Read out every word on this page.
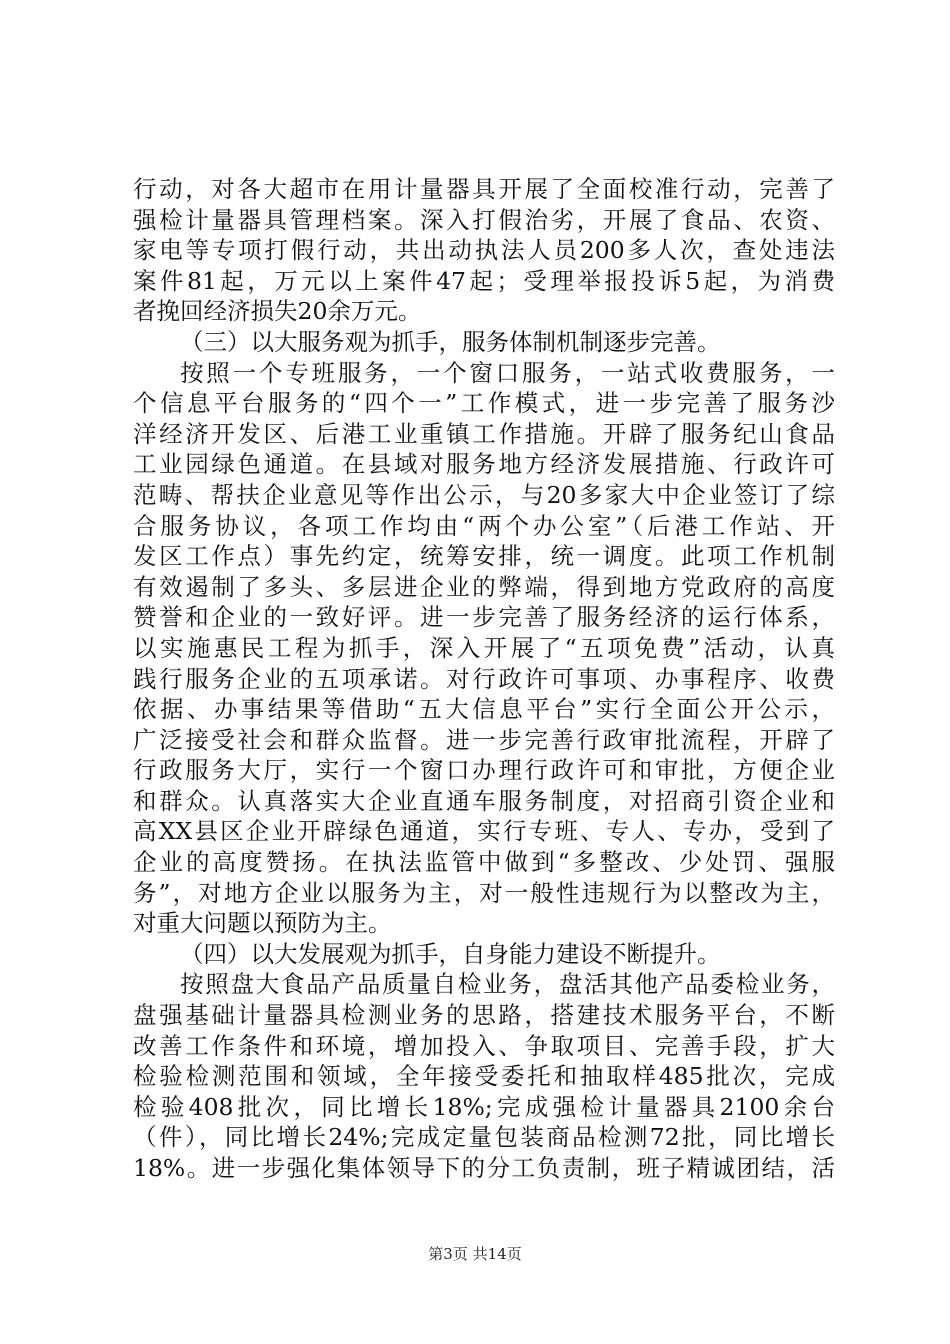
行动，对各大超市在用计量器具开展了全面校准行动，完善了
强检计量器具管理档案。深入打假治劣，开展了食品、农资、
家电等专项打假行动，共出动执法人员200多人次，查处违法
案件81起，万元以上案件47起；受理举报投诉5起，为消费
者挽回经济损失20余万元。
（三）以大服务观为抓手，服务体制机制逐步完善。
按照一个专班服务，一个窗口服务，一站式收费服务，一
个信息平台服务的“四个一”工作模式，进一步完善了服务沙
洋经济开发区、后港工业重镇工作措施。开辟了服务纪山食品
工业园绿色通道。在县域对服务地方经济发展措施、行政许可
范畴、帮扶企业意见等作出公示，与20多家大中企业签订了综
合服务协议，各项工作均由“两个办公室”（后港工作站、开
发区工作点）事先约定，统筹安排，统一调度。此项工作机制
有效遏制了多头、多层进企业的弊端，得到地方党政府的高度
赞誉和企业的一致好评。进一步完善了服务经济的运行体系，
以实施惠民工程为抓手，深入开展了“五项免费”活动，认真
践行服务企业的五项承诺。对行政许可事项、办事程序、收费
依据、办事结果等借助“五大信息平台”实行全面公开公示，
广泛接受社会和群众监督。进一步完善行政审批流程，开辟了
行政服务大厅，实行一个窗口办理行政许可和审批，方便企业
和群众。认真落实大企业直通车服务制度，对招商引资企业和
高XX县区企业开辟绿色通道，实行专班、专人、专办，受到了
企业的高度赞扬。在执法监管中做到“多整改、少处罚、强服
务”，对地方企业以服务为主，对一般性违规行为以整改为主，
对重大问题以预防为主。
（四）以大发展观为抓手，自身能力建设不断提升。
按照盘大食品产品质量自检业务，盘活其他产品委检业务，
盘强基础计量器具检测业务的思路，搭建技术服务平台，不断
改善工作条件和环境，增加投入、争取项目、完善手段，扩大
检验检测范围和领域，全年接受委托和抽取样485批次，完成
检验408批次，同比增长18%;完成强检计量器具2100余台
（件），同比增长24%;完成定量包装商品检测72批，同比增长
18%。进一步强化集体领导下的分工负责制，班子精诚团结，活
第3页 共14页
